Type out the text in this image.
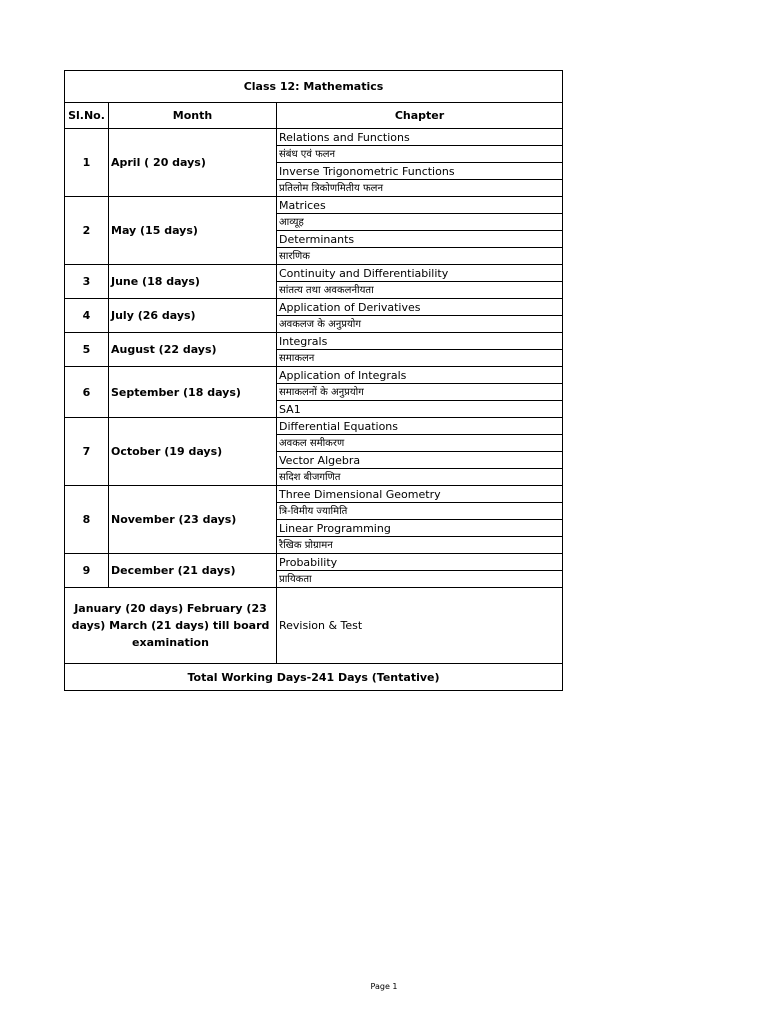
Class 12: Mathematics		
Sl.No.	Month	Chapter
1	April ( 20 days)	Relations and Functions
		संबंध एवं फलन
		Inverse Trigonometric Functions
		प्रतिलोम त्रिकोणमितीय फलन
2	May (15 days)	Matrices
		आव्यूह
		Determinants
		सारणिक
3	June (18 days)	Continuity and Differentiability
		सांतत्य तथा अवकलनीयता
4	July (26 days)	Application of Derivatives
		अवकलज के अनुप्रयोग
5	August (22 days)	Integrals
		समाकलन
6	September (18 days)	Application of Integrals
		समाकलनों के अनुप्रयोग
		SA1
7	October (19 days)	Differential Equations
		अवकल समीकरण
		Vector Algebra
		सदिश बीजगणित
8	November (23 days)	Three Dimensional Geometry
		त्रि-विमीय ज्यामिति
		Linear Programming
		रैखिक प्रोग्रामन
9	December (21 days)	Probability
		प्रायिकता
January (20 days) February (23 days) March (21 days) till board examination		Revision & Test
Total Working Days-241 Days (Tentative)		
Page 1
